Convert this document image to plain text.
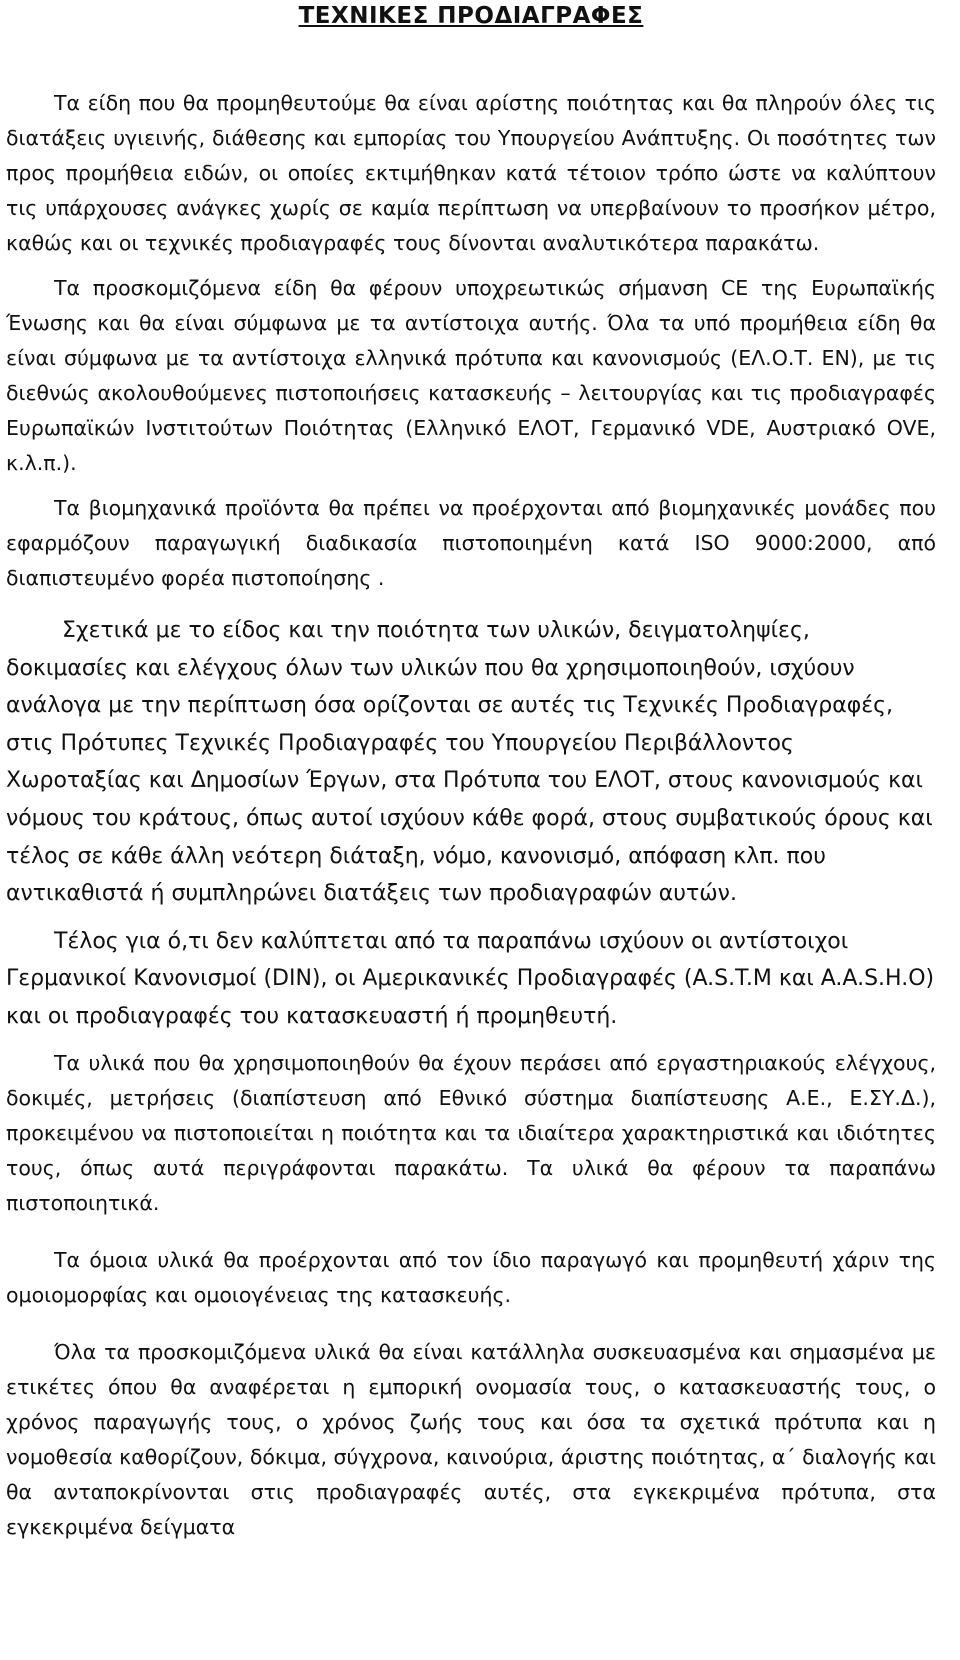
ΤΕΧΝΙΚΕΣ ΠΡΟΔΙΑΓΡΑΦΕΣ

Τα είδη που θα προμηθευτούμε θα είναι αρίστης ποιότητας και θα πληρούν όλες τις διατάξεις υγιεινής, διάθεσης και εμπορίας του Υπουργείου Ανάπτυξης. Οι ποσότητες των προς προμήθεια ειδών, οι οποίες εκτιμήθηκαν κατά τέτοιον τρόπο ώστε να καλύπτουν τις υπάρχουσες ανάγκες χωρίς σε καμία περίπτωση να υπερβαίνουν το προσήκον μέτρο, καθώς και οι τεχνικές προδιαγραφές τους δίνονται αναλυτικότερα παρακάτω.

Τα προσκομιζόμενα είδη θα φέρουν υποχρεωτικώς σήμανση CE της Ευρωπαϊκής Ένωσης και θα είναι σύμφωνα με τα αντίστοιχα αυτής. Όλα τα υπό προμήθεια είδη θα είναι σύμφωνα με τα αντίστοιχα ελληνικά πρότυπα και κανονισμούς (ΕΛ.Ο.Τ. ΕΝ), με τις διεθνώς ακολουθούμενες πιστοποιήσεις κατασκευής – λειτουργίας και τις προδιαγραφές Ευρωπαϊκών Ινστιτούτων Ποιότητας (Ελληνικό ΕΛΟΤ, Γερμανικό VDE, Αυστριακό OVE, κ.λ.π.).

Τα βιομηχανικά προϊόντα θα πρέπει να προέρχονται από βιομηχανικές μονάδες που εφαρμόζουν παραγωγική διαδικασία πιστοποιημένη κατά ISO 9000:2000, από διαπιστευμένο φορέα πιστοποίησης .

Σχετικά με το είδος και την ποιότητα των υλικών, δειγματοληψίες, δοκιμασίες και ελέγχους όλων των υλικών που θα χρησιμοποιηθούν, ισχύουν ανάλογα με την περίπτωση όσα ορίζονται σε αυτές τις Τεχνικές Προδιαγραφές, στις Πρότυπες Τεχνικές Προδιαγραφές του Υπουργείου Περιβάλλοντος Χωροταξίας και Δημοσίων Έργων, στα Πρότυπα του ΕΛΟΤ, στους κανονισμούς και νόμους του κράτους, όπως αυτοί ισχύουν κάθε φορά, στους συμβατικούς όρους και τέλος σε κάθε άλλη νεότερη διάταξη, νόμο, κανονισμό, απόφαση κλπ. που αντικαθιστά ή συμπληρώνει διατάξεις των προδιαγραφών αυτών.

Τέλος για ό,τι δεν καλύπτεται από τα παραπάνω ισχύουν οι αντίστοιχοι Γερμανικοί Κανονισμοί (DIN), οι Αμερικανικές Προδιαγραφές (A.S.T.M και A.A.S.H.O) και οι προδιαγραφές του κατασκευαστή ή προμηθευτή.

Τα υλικά που θα χρησιμοποιηθούν θα έχουν περάσει από εργαστηριακούς ελέγχους, δοκιμές, μετρήσεις (διαπίστευση από Εθνικό σύστημα διαπίστευσης Α.Ε., Ε.ΣΥ.Δ.), προκειμένου να πιστοποιείται η ποιότητα και τα ιδιαίτερα χαρακτηριστικά και ιδιότητες τους, όπως αυτά περιγράφονται παρακάτω. Τα υλικά θα φέρουν τα παραπάνω πιστοποιητικά.

Τα όμοια υλικά θα προέρχονται από τον ίδιο παραγωγό και προμηθευτή χάριν της ομοιομορφίας και ομοιογένειας της κατασκευής.

Όλα τα προσκομιζόμενα υλικά θα είναι κατάλληλα συσκευασμένα και σημασμένα με ετικέτες όπου θα αναφέρεται η εμπορική ονομασία τους, ο κατασκευαστής τους, ο χρόνος παραγωγής τους, ο χρόνος ζωής τους και όσα τα σχετικά πρότυπα και η νομοθεσία καθορίζουν, δόκιμα, σύγχρονα, καινούρια, άριστης ποιότητας, α΄ διαλογής και θα ανταποκρίνονται στις προδιαγραφές αυτές, στα εγκεκριμένα πρότυπα, στα εγκεκριμένα δείγματα
